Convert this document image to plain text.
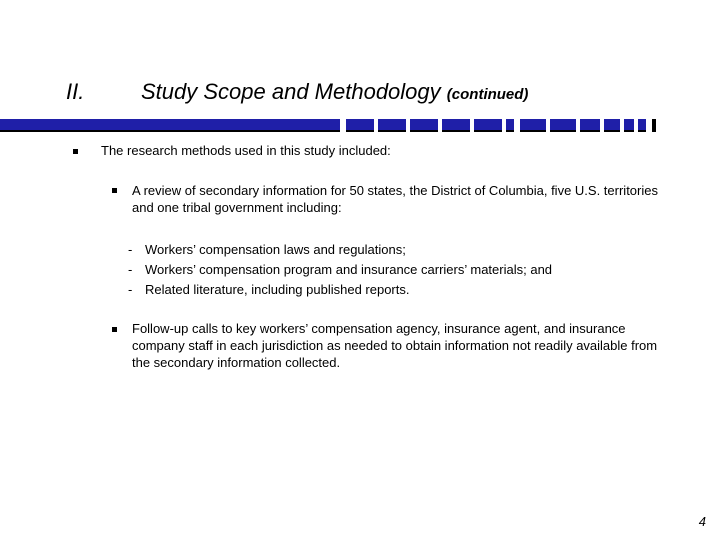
II.	Study Scope and Methodology (continued)
The research methods used in this study included:
A review of secondary information for 50 states, the District of Columbia, five U.S. territories and one tribal government including:
- Workers’ compensation laws and regulations;
- Workers’ compensation program and insurance carriers’ materials; and
- Related literature, including published reports.
Follow-up calls to key workers’ compensation agency, insurance agent, and insurance company staff in each jurisdiction as needed to obtain information not readily available from the secondary information collected.
4
